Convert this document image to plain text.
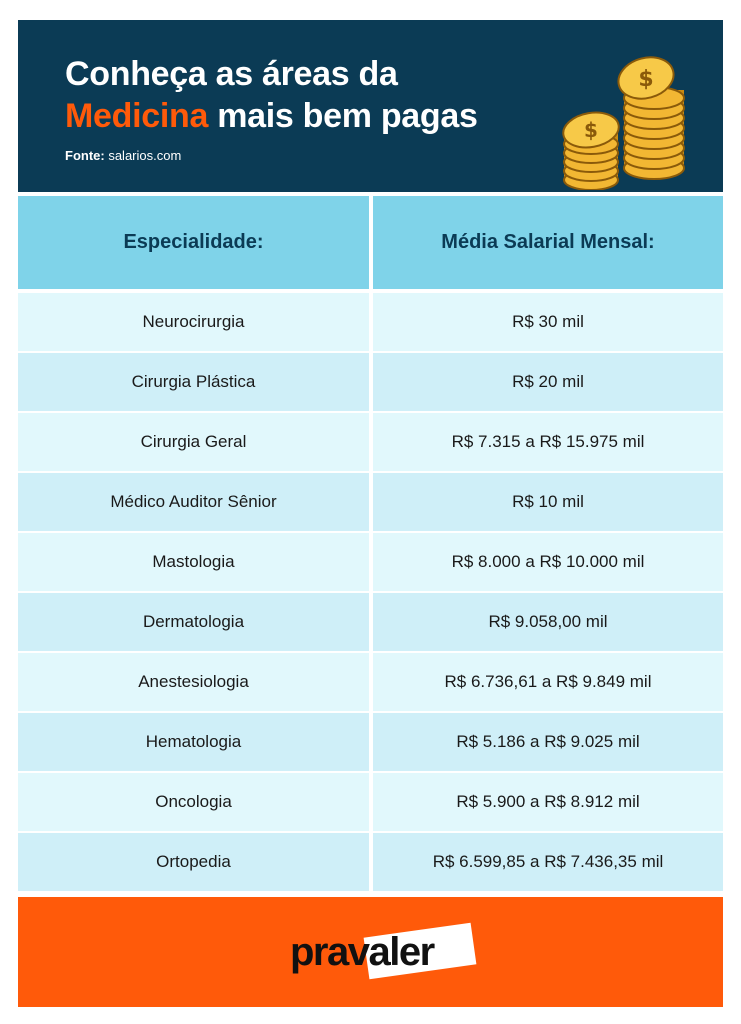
Conheça as áreas da
Medicina mais bem pagas
Fonte: salarios.com
$
$
Especialidade:	Média Salarial Mensal:
Neurocirurgia	R$ 30 mil
Cirurgia Plástica	R$ 20 mil
Cirurgia Geral	R$ 7.315 a R$ 15.975 mil
Médico Auditor Sênior	R$ 10 mil
Mastologia	R$ 8.000 a R$ 10.000 mil
Dermatologia	R$ 9.058,00 mil
Anestesiologia	R$ 6.736,61 a R$ 9.849 mil
Hematologia	R$ 5.186 a R$ 9.025 mil
Oncologia	R$ 5.900 a R$ 8.912 mil
Ortopedia	R$ 6.599,85 a R$ 7.436,35 mil
pravaler
